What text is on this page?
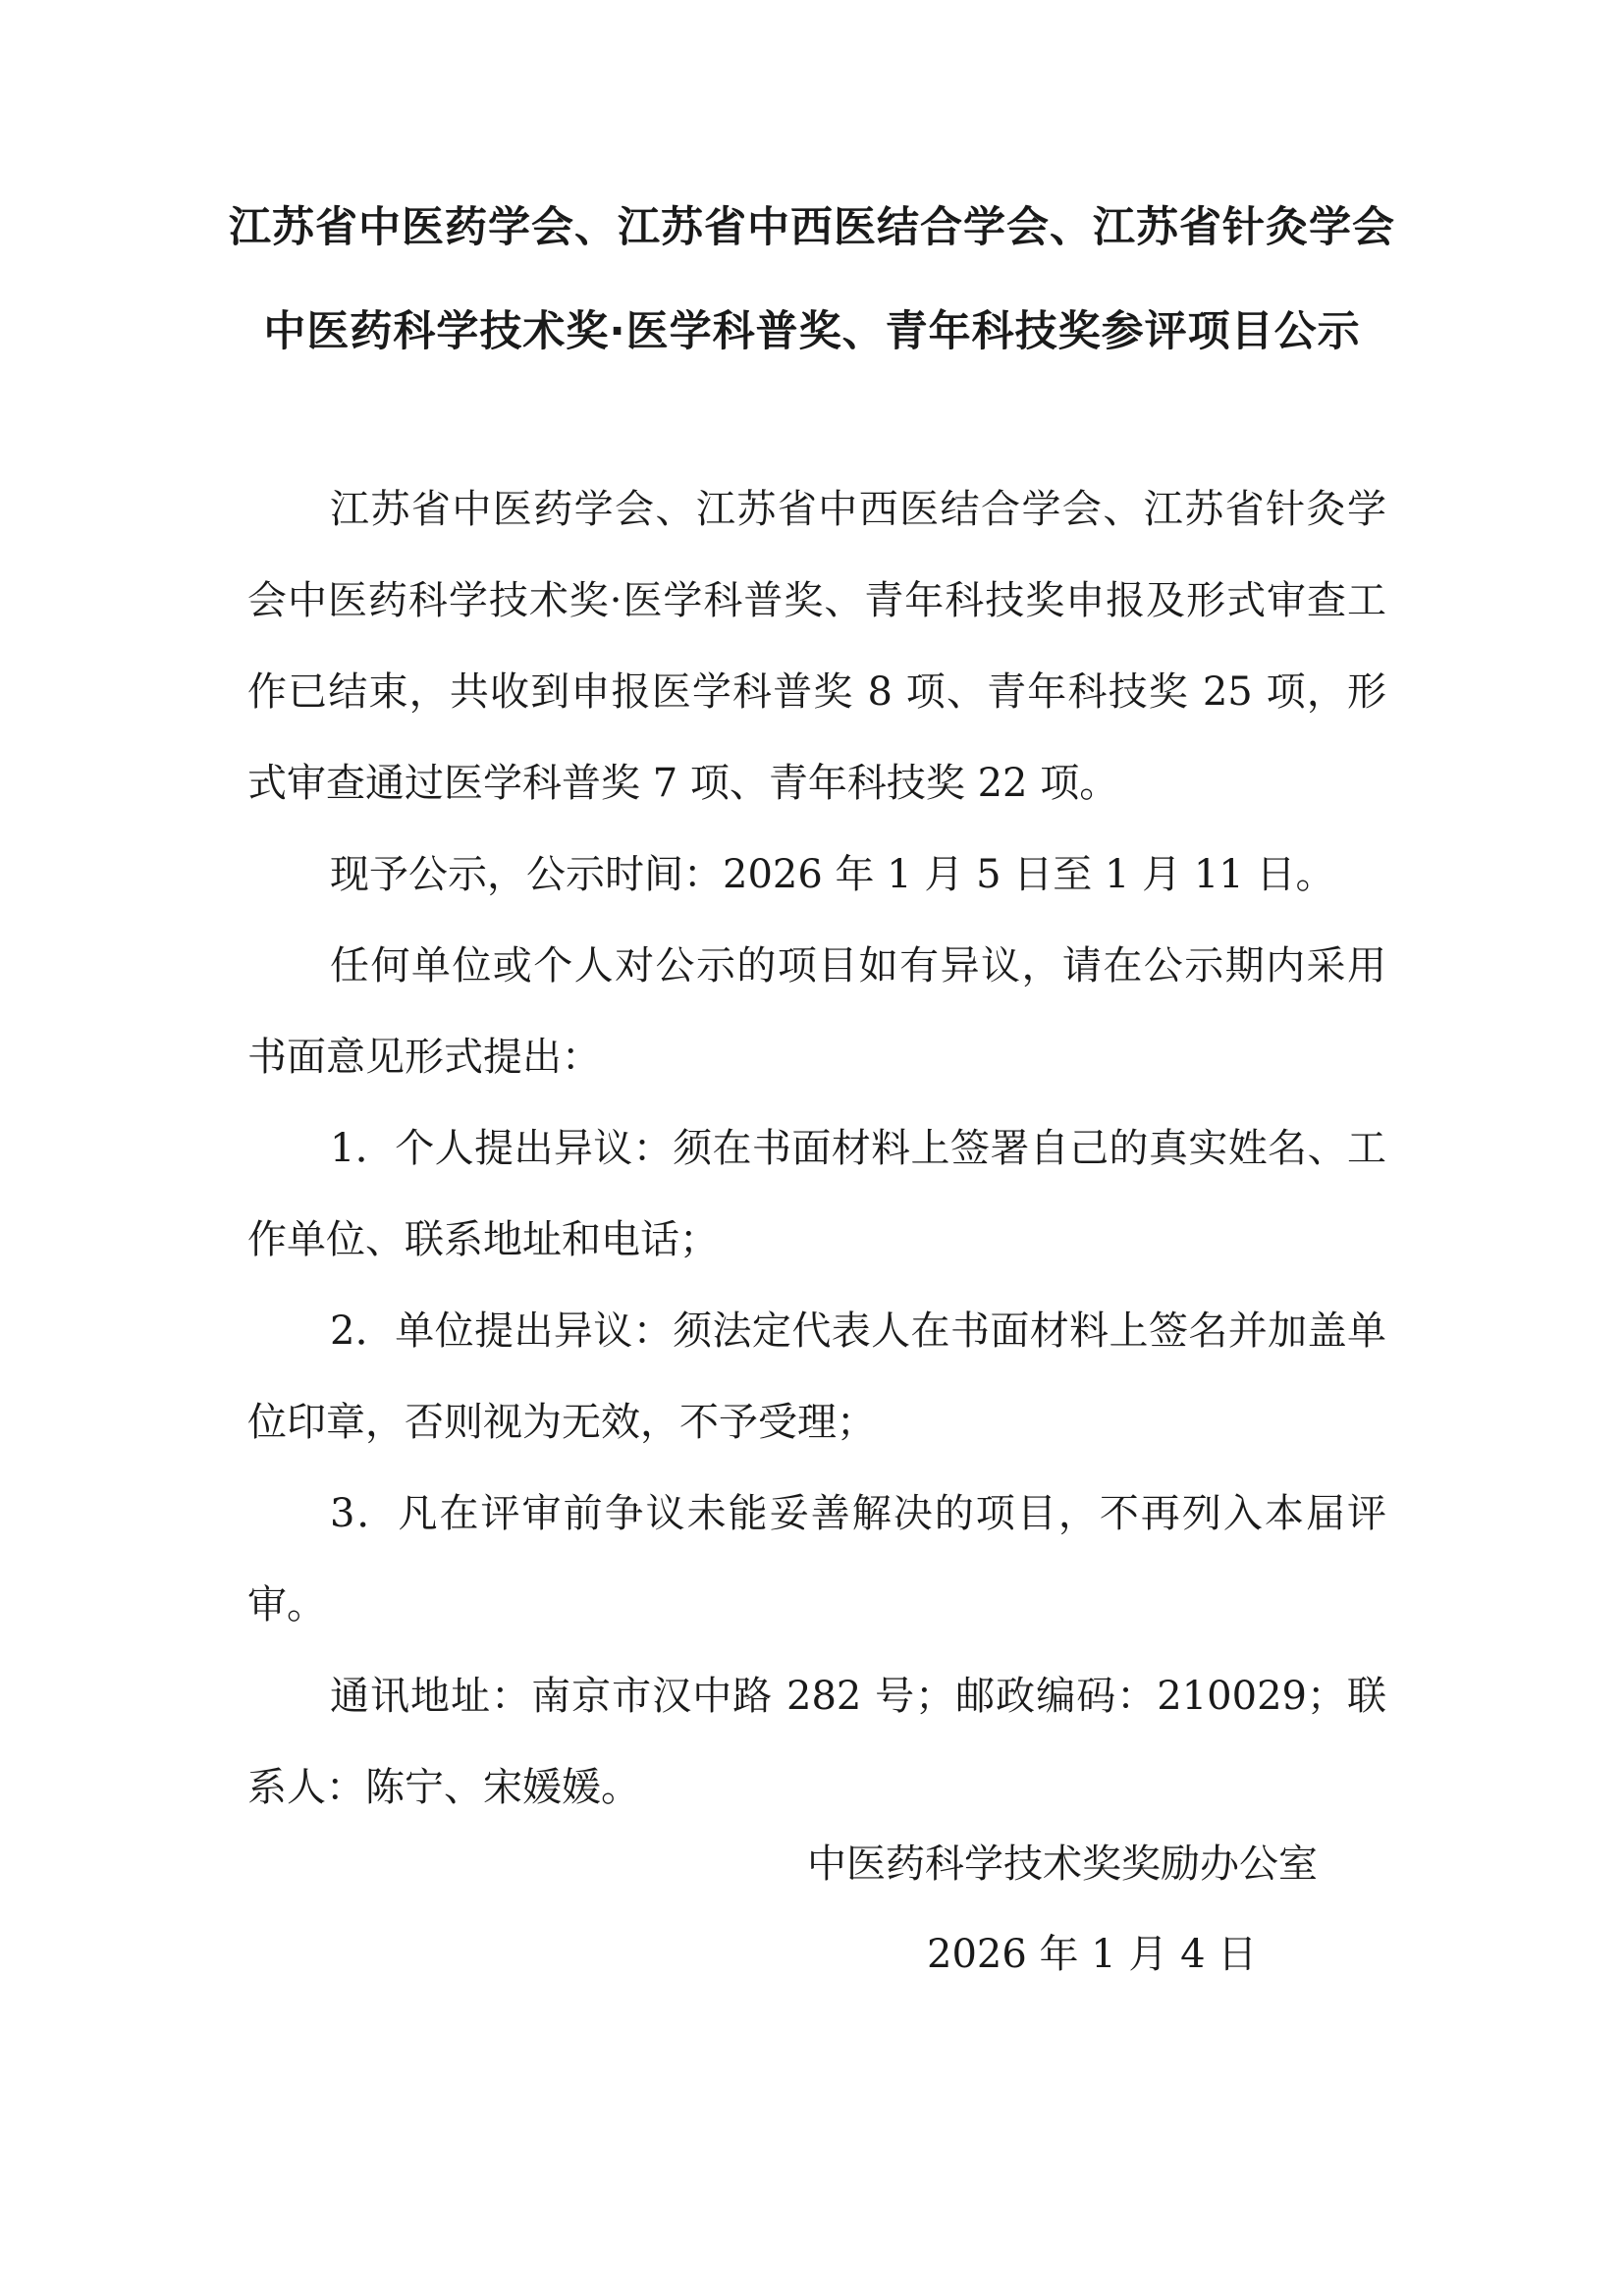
江苏省中医药学会、江苏省中西医结合学会、江苏省针灸学会
中医药科学技术奖·医学科普奖、青年科技奖参评项目公示

江苏省中医药学会、江苏省中西医结合学会、江苏省针灸学会中医药科学技术奖·医学科普奖、青年科技奖申报及形式审查工作已结束，共收到申报医学科普奖 8 项、青年科技奖 25 项，形式审查通过医学科普奖 7 项、青年科技奖 22 项。

现予公示，公示时间：2026 年 1 月 5 日至 1 月 11 日。

任何单位或个人对公示的项目如有异议，请在公示期内采用书面意见形式提出：

1．个人提出异议：须在书面材料上签署自己的真实姓名、工作单位、联系地址和电话；

2．单位提出异议：须法定代表人在书面材料上签名并加盖单位印章，否则视为无效，不予受理；

3．凡在评审前争议未能妥善解决的项目，不再列入本届评审。

通讯地址：南京市汉中路 282 号；邮政编码：210029；联系人：陈宁、宋媛媛。

中医药科学技术奖奖励办公室
2026 年 1 月 4 日
